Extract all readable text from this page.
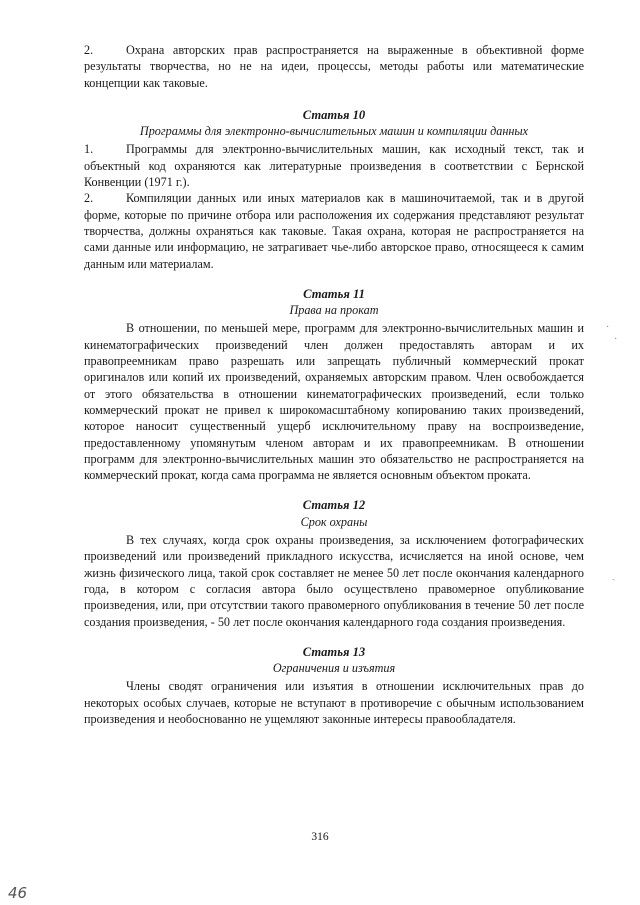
2.	Охрана авторских прав распространяется на выраженные в объективной форме результаты творчества, но не на идеи, процессы, методы работы или математические концепции как таковые.

Статья 10
Программы для электронно-вычислительных машин и компиляции данных

1.	Программы для электронно-вычислительных машин, как исходный текст, так и объектный код охраняются как литературные произведения в соответствии с Бернской Конвенции (1971 г.).

2.	Компиляции данных или иных материалов как в машиночитаемой, так и в другой форме, которые по причине отбора или расположения их содержания представляют результат творчества, должны охраняться как таковые. Такая охрана, которая не распространяется на сами данные или информацию, не затрагивает чье-либо авторское право, относящееся к самим данным или материалам.

Статья 11
Права на прокат

В отношении, по меньшей мере, программ для электронно-вычислительных машин и кинематографических произведений член должен предоставлять авторам и их правопреемникам право разрешать или запрещать публичный коммерческий прокат оригиналов или копий их произведений, охраняемых авторским правом. Член освобождается от этого обязательства в отношении кинематографических произведений, если только коммерческий прокат не привел к широкомасштабному копированию таких произведений, которое наносит существенный ущерб исключительному праву на воспроизведение, предоставленному упомянутым членом авторам и их правопреемникам. В отношении программ для электронно-вычислительных машин это обязательство не распространяется на коммерческий прокат, когда сама программа не является основным объектом проката.

Статья 12
Срок охраны

В тех случаях, когда срок охраны произведения, за исключением фотографических произведений или произведений прикладного искусства, исчисляется на иной основе, чем жизнь физического лица, такой срок составляет не менее 50 лет после окончания календарного года, в котором с согласия автора было осуществлено правомерное опубликование произведения, или, при отсутствии такого правомерного опубликования в течение 50 лет после создания произведения, - 50 лет после окончания календарного года создания произведения.

Статья 13
Ограничения и изъятия

Члены сводят ограничения или изъятия в отношении исключительных прав до некоторых особых случаев, которые не вступают в противоречие с обычным использованием произведения и необоснованно не ущемляют законные интересы правообладателя.

·
·
ˏ
316
46
